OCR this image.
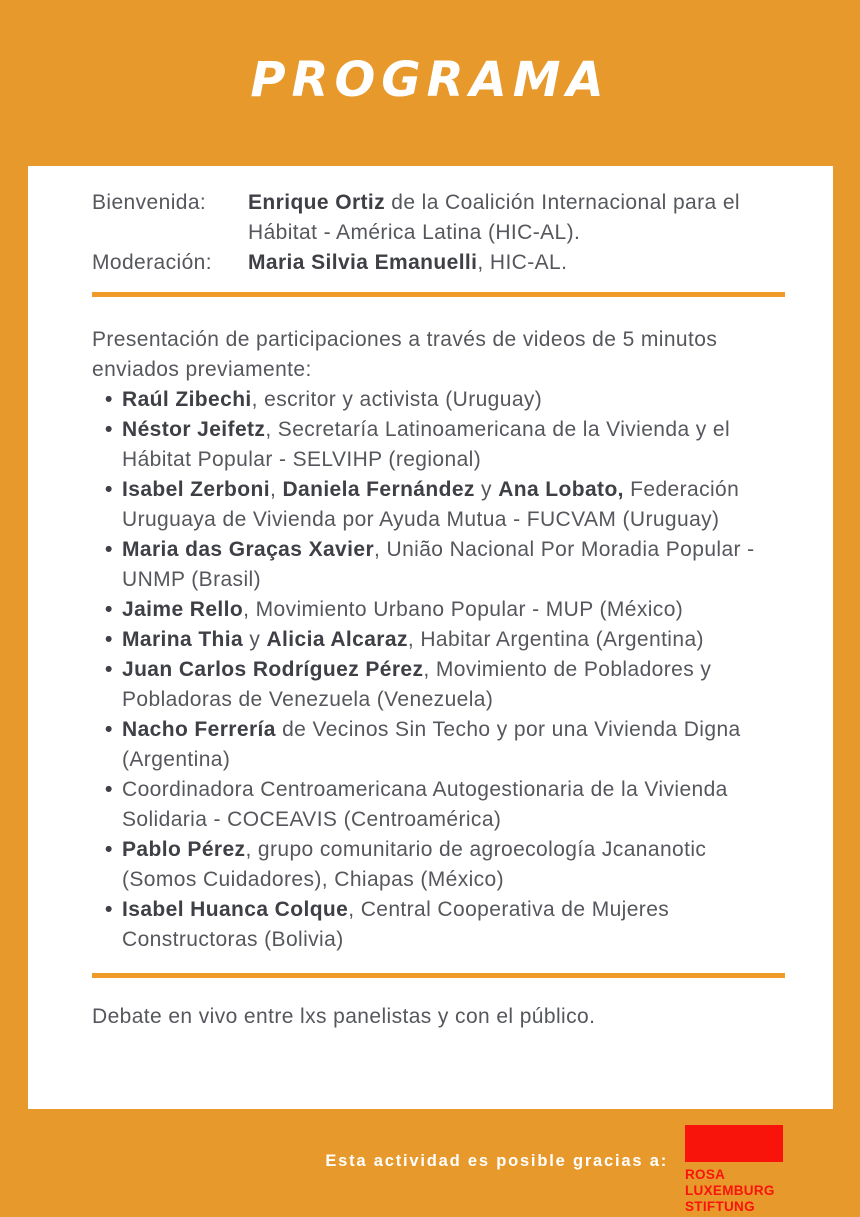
PROGRAMA
Bienvenida:	Enrique Ortiz de la Coalición Internacional para el Hábitat - América Latina (HIC-AL).
Moderación:	Maria Silvia Emanuelli, HIC-AL.

Presentación de participaciones a través de videos de 5 minutos enviados previamente:

• Raúl Zibechi, escritor y activista (Uruguay)
• Néstor Jeifetz, Secretaría Latinoamericana de la Vivienda y el Hábitat Popular - SELVIHP (regional)
• Isabel Zerboni, Daniela Fernández y Ana Lobato, Federación Uruguaya de Vivienda por Ayuda Mutua - FUCVAM (Uruguay)
• Maria das Graças Xavier, União Nacional Por Moradia Popular - UNMP (Brasil)
• Jaime Rello, Movimiento Urbano Popular - MUP (México)
• Marina Thia y Alicia Alcaraz, Habitar Argentina (Argentina)
• Juan Carlos Rodríguez Pérez, Movimiento de Pobladores y Pobladoras de Venezuela (Venezuela)
• Nacho Ferrería de Vecinos Sin Techo y por una Vivienda Digna (Argentina)
• Coordinadora Centroamericana Autogestionaria de la Vivienda Solidaria - COCEAVIS (Centroamérica)
• Pablo Pérez, grupo comunitario de agroecología Jcananotic (Somos Cuidadores), Chiapas (México)
• Isabel Huanca Colque, Central Cooperativa de Mujeres Constructoras (Bolivia)

Debate en vivo entre lxs panelistas y con el público.

Esta actividad es posible gracias a:
ROSA
LUXEMBURG
STIFTUNG
